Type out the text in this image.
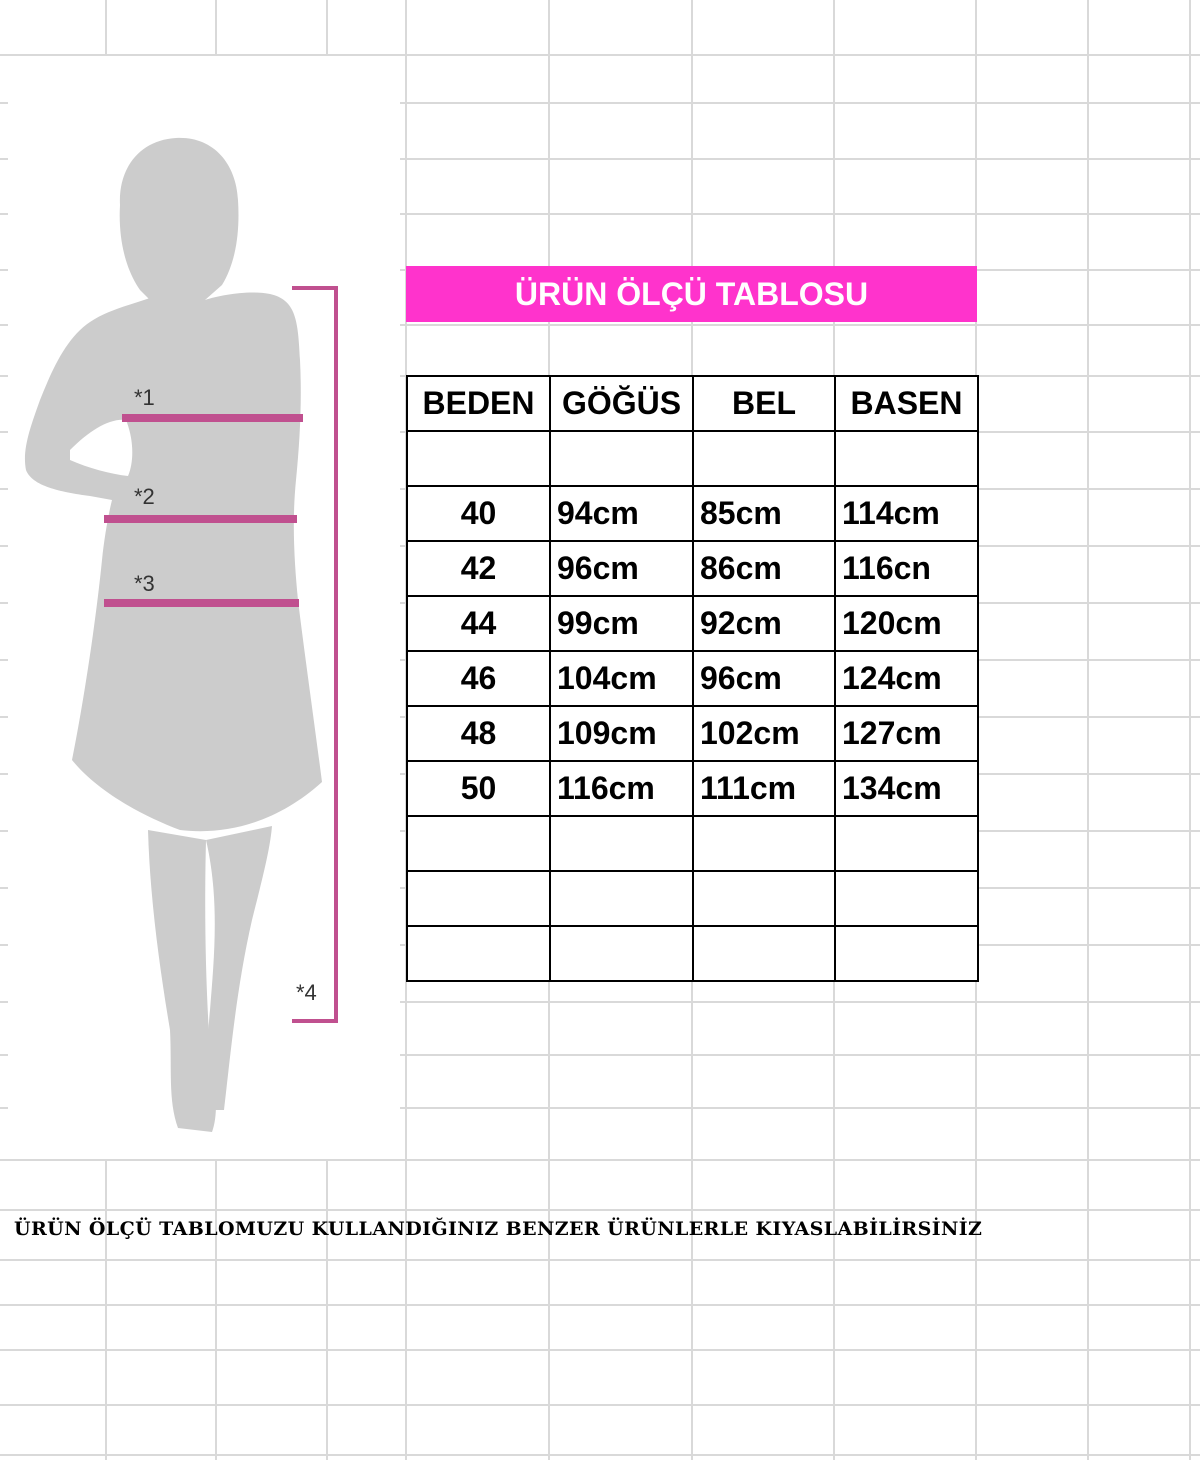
*1
*2
*3
*4
ÜRÜN ÖLÇÜ TABLOSU
BEDEN	GÖĞÜS	BEL	BASEN

40	94cm	85cm	114cm
42	96cm	86cm	116cn
44	99cm	92cm	120cm
46	104cm	96cm	124cm
48	109cm	102cm	127cm
50	116cm	111cm	134cm

ÜRÜN ÖLÇÜ TABLOMUZU KULLANDIĞINIZ BENZER ÜRÜNLERLE KIYASLABİLİRSİNİZ
